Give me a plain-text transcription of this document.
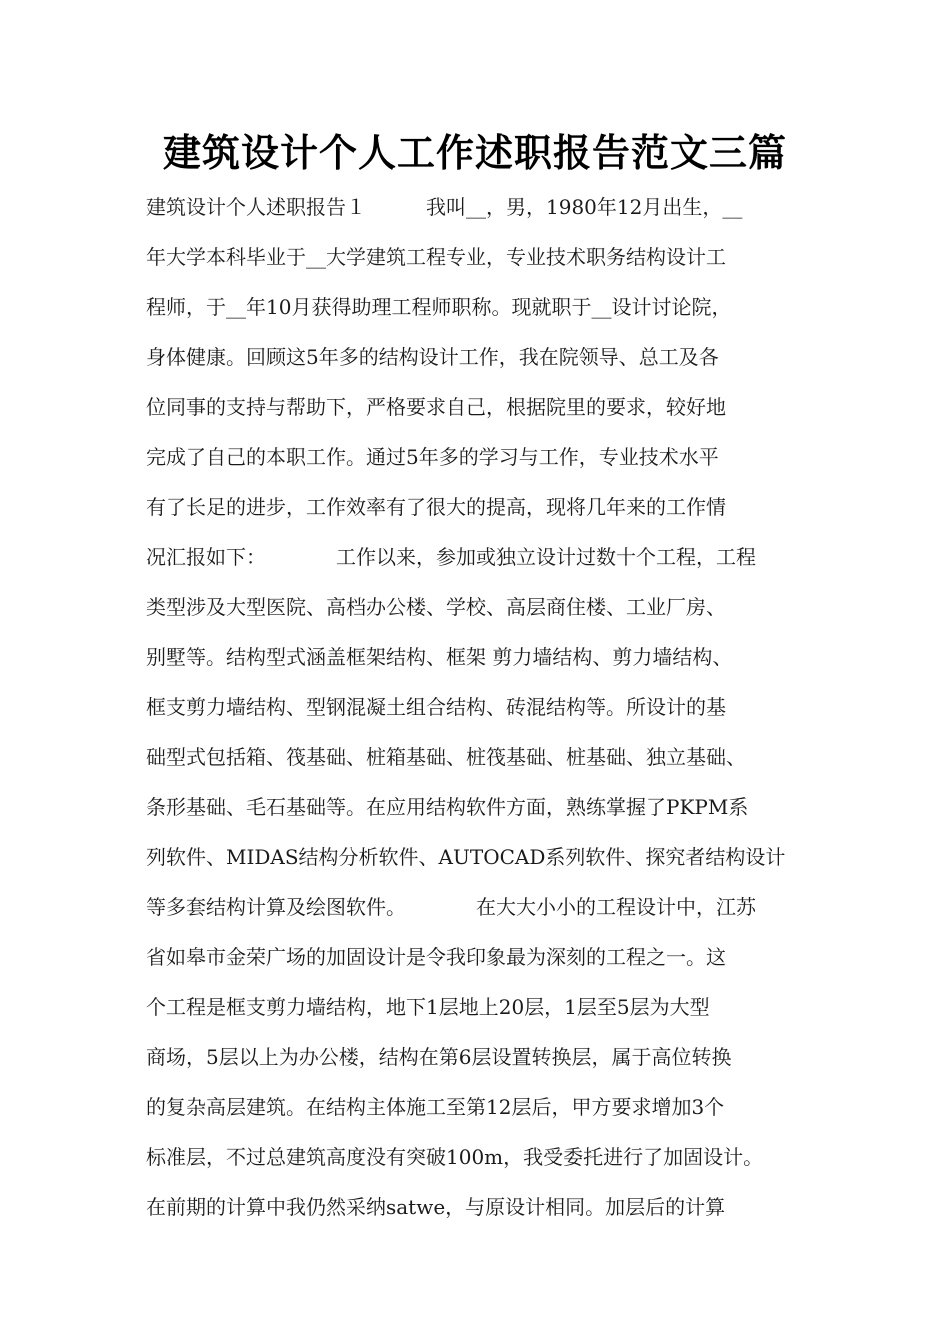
建筑设计个人工作述职报告范文三篇
建筑设计个人述职报告１　　　我叫__，男，1980年12月出生，__
年大学本科毕业于__大学建筑工程专业，专业技术职务结构设计工
程师，于__年10月获得助理工程师职称。现就职于__设计讨论院，
身体健康。回顾这5年多的结构设计工作，我在院领导、总工及各
位同事的支持与帮助下，严格要求自己，根据院里的要求，较好地
完成了自己的本职工作。通过5年多的学习与工作，专业技术水平
有了长足的进步，工作效率有了很大的提高，现将几年来的工作情
况汇报如下：　　　　工作以来，参加或独立设计过数十个工程，工程
类型涉及大型医院、高档办公楼、学校、高层商住楼、工业厂房、
别墅等。结构型式涵盖框架结构、框架 剪力墙结构、剪力墙结构、
框支剪力墙结构、型钢混凝土组合结构、砖混结构等。所设计的基
础型式包括箱、筏基础、桩箱基础、桩筏基础、桩基础、独立基础、
条形基础、毛石基础等。在应用结构软件方面，熟练掌握了PKPM系
列软件、MIDAS结构分析软件、AUTOCAD系列软件、探究者结构设计
等多套结构计算及绘图软件。　　　　在大大小小的工程设计中，江苏
省如皋市金荣广场的加固设计是令我印象最为深刻的工程之一。这
个工程是框支剪力墙结构，地下1层地上20层，1层至5层为大型
商场，5层以上为办公楼，结构在第6层设置转换层，属于高位转换
的复杂高层建筑。在结构主体施工至第12层后，甲方要求增加3个
标准层，不过总建筑高度没有突破100m，我受委托进行了加固设计。
在前期的计算中我仍然采纳satwe，与原设计相同。加层后的计算
